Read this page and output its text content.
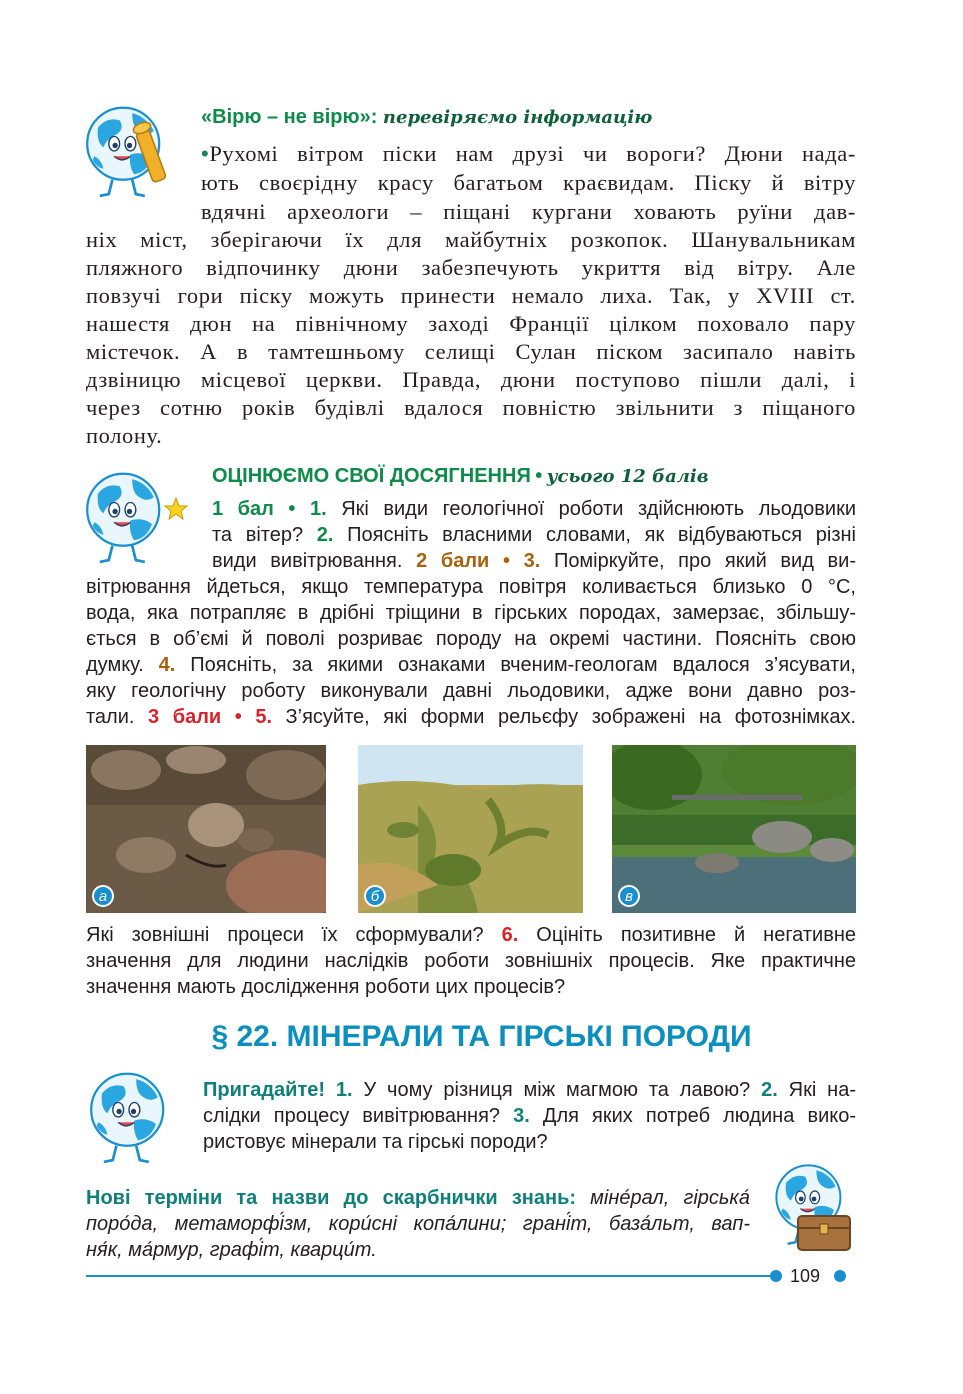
«Вірю – не вірю»: перевіряємо інформацію
•Рухомі вітром піски нам друзі чи вороги? Дюни нада-
ють своєрідну красу багатьом краєвидам. Піску й вітру
вдячні археологи – піщані кургани ховають руїни дав-
ніх міст, зберігаючи їх для майбутніх розкопок. Шанувальникам
пляжного відпочинку дюни забезпечують укриття від вітру. Але
повзучі гори піску можуть принести немало лиха. Так, у XVIII ст.
нашестя дюн на північному заході Франції цілком поховало пару
містечок. А в тамтешньому селищі Сулан піском засипало навіть
дзвіницю місцевої церкви. Правда, дюни поступово пішли далі, і
через сотню років будівлі вдалося повністю звільнити з піщаного
полону.
ОЦІНЮЄМО СВОЇ ДОСЯГНЕННЯ • усього 12 балів
1 бал • 1. Які види геологічної роботи здійснюють льодовики
та вітер? 2. Поясніть власними словами, як відбуваються різні
види вивітрювання. 2 бали • 3. Поміркуйте, про який вид ви-
вітрювання йдеться, якщо температура повітря коливається близько 0 °С,
вода, яка потрапляє в дрібні тріщини в гірських породах, замерзає, збільшу-
ється в об’ємі й поволі розриває породу на окремі частини. Поясніть свою
думку. 4. Поясніть, за якими ознаками вченим-геологам вдалося з’ясувати,
яку геологічну роботу виконували давні льодовики, адже вони давно роз-
тали. 3 бали • 5. З’ясуйте, які форми рельєфу зображені на фотознімках.
а	б	в
Які зовнішні процеси їх сформували? 6. Оцініть позитивне й негативне
значення для людини наслідків роботи зовнішніх процесів. Яке практичне
значення мають дослідження роботи цих процесів?
§ 22. МІНЕРАЛИ ТА ГІРСЬКІ ПОРОДИ
Пригадайте! 1. У чому різниця між магмою та лавою? 2. Які на-
слідки процесу вивітрювання? 3. Для яких потреб людина вико-
ристовує мінерали та гірські породи?
Нові терміни та назви до скарбнички знань: міне́рал, гірська́
поро́да, метаморфі́зм, кори́сні копа́лини; грані́т, база́льт, вап-
ня́к, ма́рмур, графі́т, кварци́т.
109
